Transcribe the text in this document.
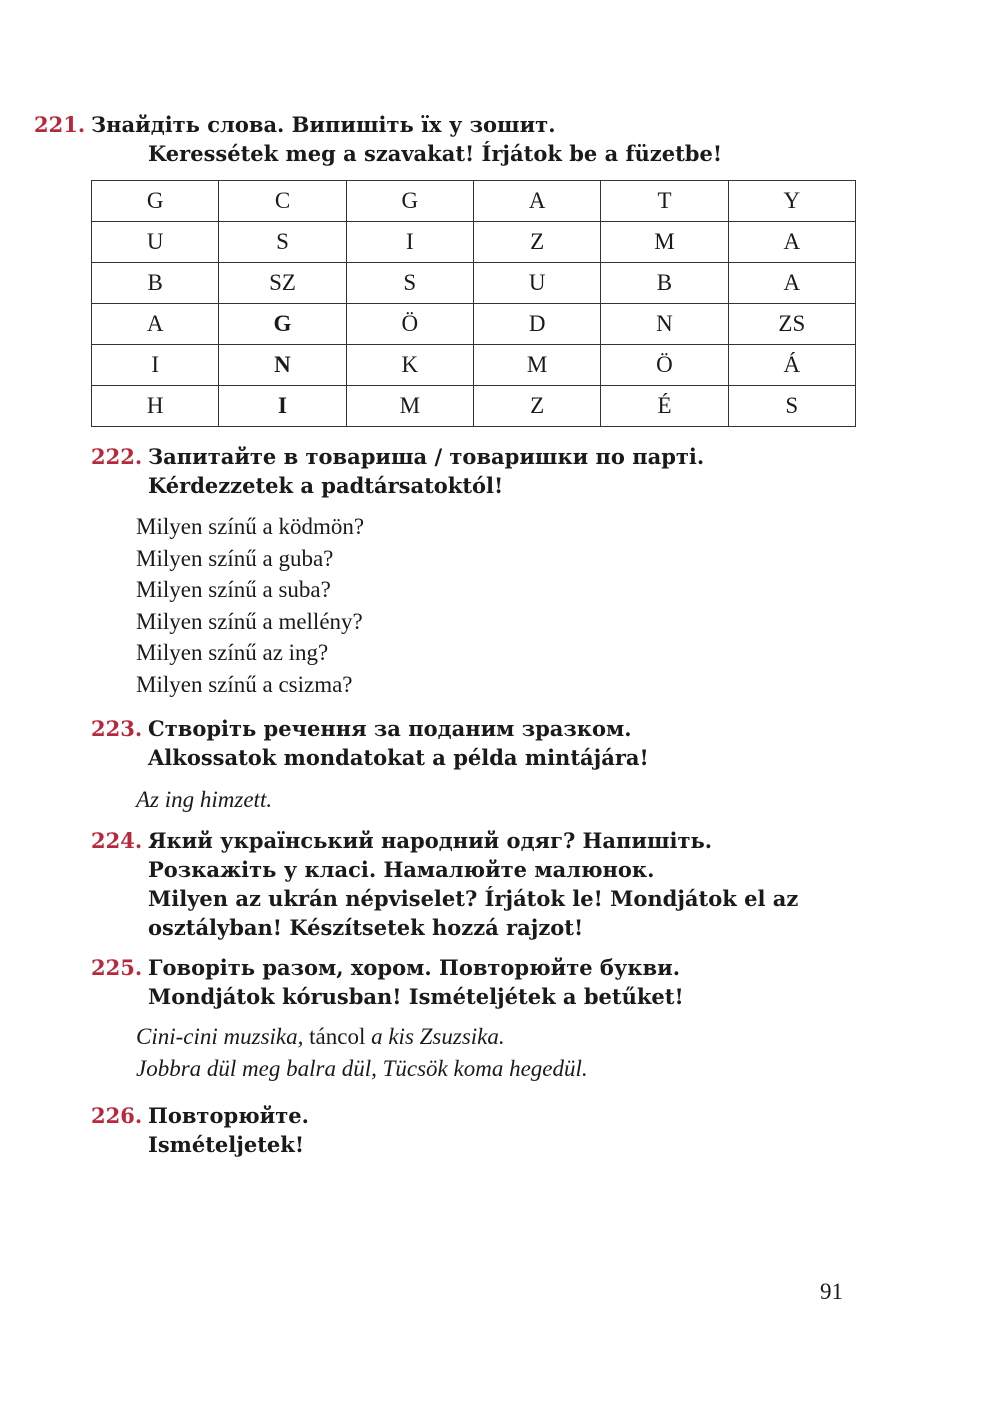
221. Знайдіть слова. Випишіть їх у зошит.
Keressétek meg a szavakat! Írjátok be a füzetbe!
G	C	G	A	T	Y
U	S	I	Z	M	A
B	SZ	S	U	B	A
A	G	Ö	D	N	ZS
I	N	K	M	Ö	Á
H	I	M	Z	É	S
222. Запитайте в товариша / товаришки по парті.
Kérdezzetek a padtársatoktól!
Milyen színű a ködmön?
Milyen színű a guba?
Milyen színű a suba?
Milyen színű a mellény?
Milyen színű az ing?
Milyen színű a csizma?
223. Створіть речення за поданим зразком.
Alkossatok mondatokat a példa mintájára!
Az ing himzett.
224. Який український народний одяг? Напишіть.
Розкажіть у класі. Намалюйте малюнок.
Milyen az ukrán népviselet? Írjátok le! Mondjátok el az
osztályban! Készítsetek hozzá rajzot!
225. Говоріть разом, хором. Повторюйте букви.
Mondjátok kórusban! Ismételjétek a betűket!
Cini-cini muzsika, táncol a kis Zsuzsika.
Jobbra dül meg balra dül, Tücsök koma hegedül.
226. Повторюйте.
Ismételjetek!
91
